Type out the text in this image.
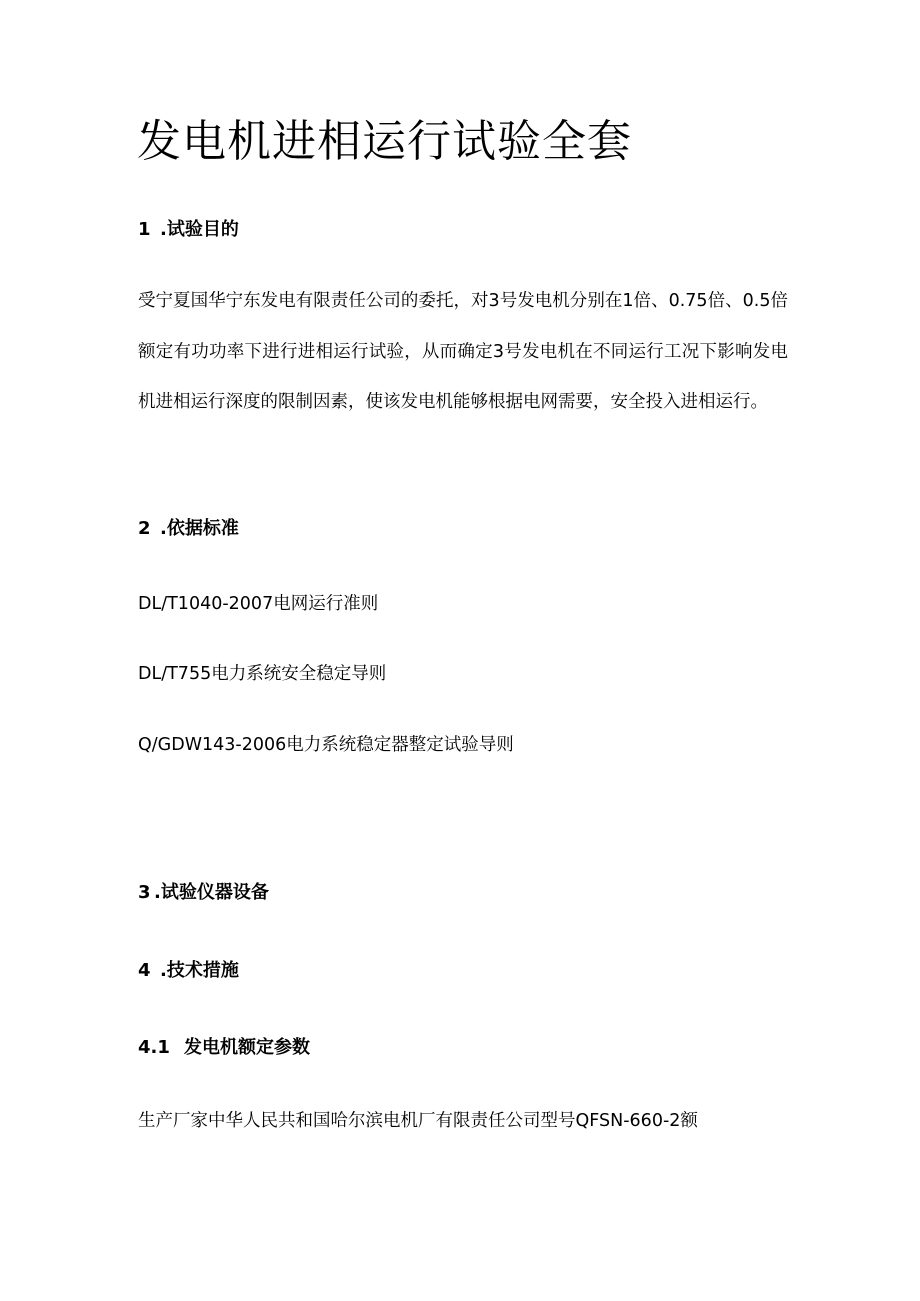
发电机进相运行试验全套
1 .试验目的

受宁夏国华宁东发电有限责任公司的委托，对3号发电机分别在1倍、0.75倍、0.5倍额定有功功率下进行进相运行试验，从而确定3号发电机在不同运行工况下影响发电机进相运行深度的限制因素，使该发电机能够根据电网需要，安全投入进相运行。

2 .依据标准
DL/T1040-2007电网运行准则
DL/T755电力系统安全稳定导则
Q/GDW143-2006电力系统稳定器整定试验导则
3 .试验仪器设备
4 .技术措施
4.1 发电机额定参数

生产厂家中华人民共和国哈尔滨电机厂有限责任公司型号QFSN-660-2额
